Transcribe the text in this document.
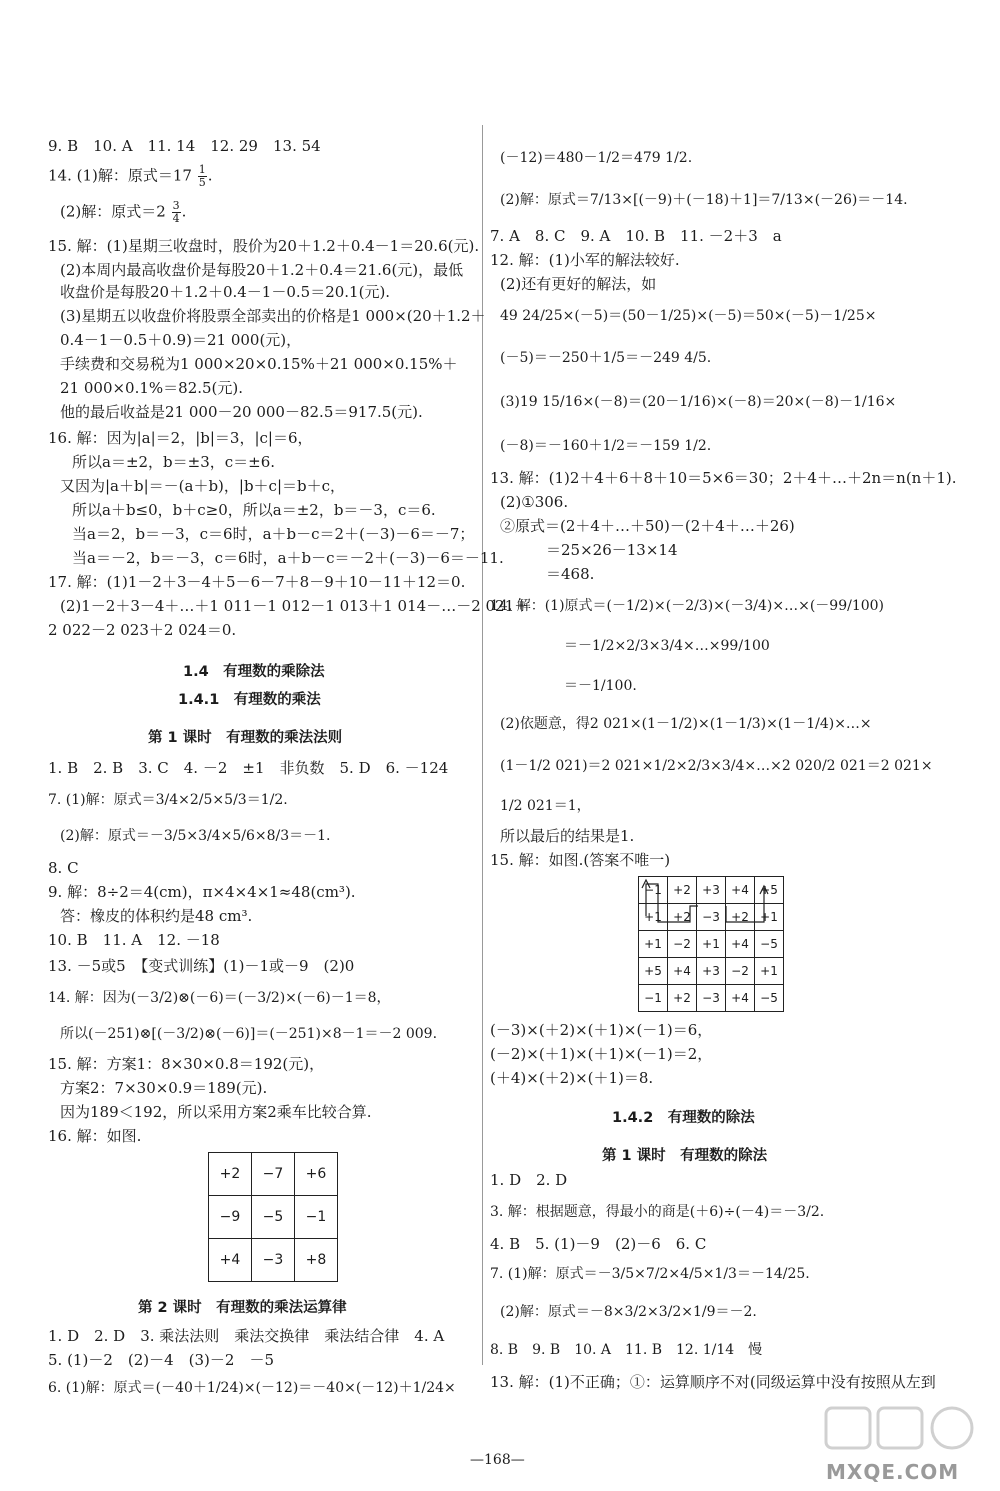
9. B　10. A　11. 14　12. 29　13. 54
14. (1)解：原式$=17 \frac{1}{5}$ .
(2)解：原式$=2 \frac{3}{4}$ .
15. 解：(1)星期三收盘时，股价为20＋1.2＋0.4－1＝20.6(元).
(2)本周内最高收盘价是每股20＋1.2＋0.4＝21.6(元)，最低
收盘价是每股20＋1.2＋0.4－1－0.5＝20.1(元).
(3)星期五以收盘价将股票全部卖出的价格是1 000×(20＋1.2＋
0.4－1－0.5＋0.9)＝21 000(元)，
手续费和交易税为1 000×20×0.15%＋21 000×0.15%＋
21 000×0.1%＝82.5(元).
他的最后收益是21 000－20 000－82.5＝917.5(元).
16. 解：因为|a|＝2，|b|＝3，|c|＝6，
所以a＝±2，b＝±3，c＝±6.
又因为|a＋b|＝－(a＋b)，|b＋c|＝b＋c，
所以a＋b≤0，b＋c≥0，所以a＝±2，b＝－3，c＝6.
当a＝2，b＝－3，c＝6时，a＋b－c＝2＋(－3)－6＝－7；
当a＝－2，b＝－3，c＝6时，a＋b－c＝－2＋(－3)－6＝－11.
17. 解：(1)1－2＋3－4＋5－6－7＋8－9＋10－11＋12＝0.
(2)1－2＋3－4＋…＋1 011－1 012－1 013＋1 014－…－2 021＋
2 022－2 023＋2 024＝0.
1.4　有理数的乘除法
1.4.1　有理数的乘法
第 1 课时　有理数的乘法法则
1. B　2. B　3. C　4. －2　±1　非负数　5. D　6. －124
7. (1)解：原式＝3/4×2/5×5/3＝1/2.
(2)解：原式＝－3/5×3/4×5/6×8/3＝－1.
8. C
9. 解：8÷2＝4(cm)，π×4×4×1≈48(cm³).
答：橡皮的体积约是48 cm³.
10. B　11. A　12. －18
13. －5或5　【变式训练】(1)－1或－9　(2)0
14. 解：因为(－3/2)⊗(－6)＝(－3/2)×(－6)－1＝8，
所以(－251)⊗[(－3/2)⊗(－6)]＝(－251)×8－1＝－2 009.
15. 解：方案1：8×30×0.8＝192(元)，
方案2：7×30×0.9＝189(元).
因为189＜192，所以采用方案2乘车比较合算.
16. 解：如图.
+2	−7	+6
−9	−5	−1
+4	−3	+8
第 2 课时　有理数的乘法运算律
1. D　2. D　3. 乘法法则　乘法交换律　乘法结合律　4. A
5. (1)－2　(2)－4　(3)－2　－5
6. (1)解：原式＝(－40＋1/24)×(－12)＝－40×(－12)＋1/24×
(－12)＝480－1/2＝479 1/2.
(2)解：原式＝7/13×[(－9)＋(－18)＋1]＝7/13×(－26)＝－14.
7. A　8. C　9. A　10. B　11. －2＋3　a
12. 解：(1)小军的解法较好.
(2)还有更好的解法，如
49 24/25×(－5)＝(50－1/25)×(－5)＝50×(－5)－1/25×
(－5)＝－250＋1/5＝－249 4/5.
(3)19 15/16×(－8)＝(20－1/16)×(－8)＝20×(－8)－1/16×
(－8)＝－160＋1/2＝－159 1/2.
13. 解：(1)2＋4＋6＋8＋10＝5×6＝30；2＋4＋…＋2n＝n(n＋1).
(2)①306.
②原式＝(2＋4＋…＋50)－(2＋4＋…＋26)
＝25×26－13×14
＝468.
14. 解：(1)原式＝(－1/2)×(－2/3)×(－3/4)×…×(－99/100)
＝－1/2×2/3×3/4×…×99/100
＝－1/100.
(2)依题意，得2 021×(1－1/2)×(1－1/3)×(1－1/4)×…×
(1－1/2 021)＝2 021×1/2×2/3×3/4×…×2 020/2 021＝2 021×
1/2 021＝1，
所以最后的结果是1.
15. 解：如图.(答案不唯一)
−1	+2	+3	+4	+5
+1	+2	−3	+2	+1
+1	−2	+1	+4	−5
+5	+4	+3	−2	+1
−1	+2	−3	+4	−5
(－3)×(＋2)×(＋1)×(－1)＝6，
(－2)×(＋1)×(＋1)×(－1)＝2，
(＋4)×(＋2)×(＋1)＝8.
1.4.2　有理数的除法
第 1 课时　有理数的除法
1. D　2. D
3. 解：根据题意，得最小的商是(＋6)÷(－4)＝－3/2.
4. B　5. (1)－9　(2)－6　6. C
7. (1)解：原式＝－3/5×7/2×4/5×1/3＝－14/25.
(2)解：原式＝－8×3/2×3/2×1/9＝－2.
8. B　9. B　10. A　11. B　12. 1/14　慢
13. 解：(1)不正确；①：运算顺序不对(同级运算中没有按照从左到
—168—	MXQE.COM
